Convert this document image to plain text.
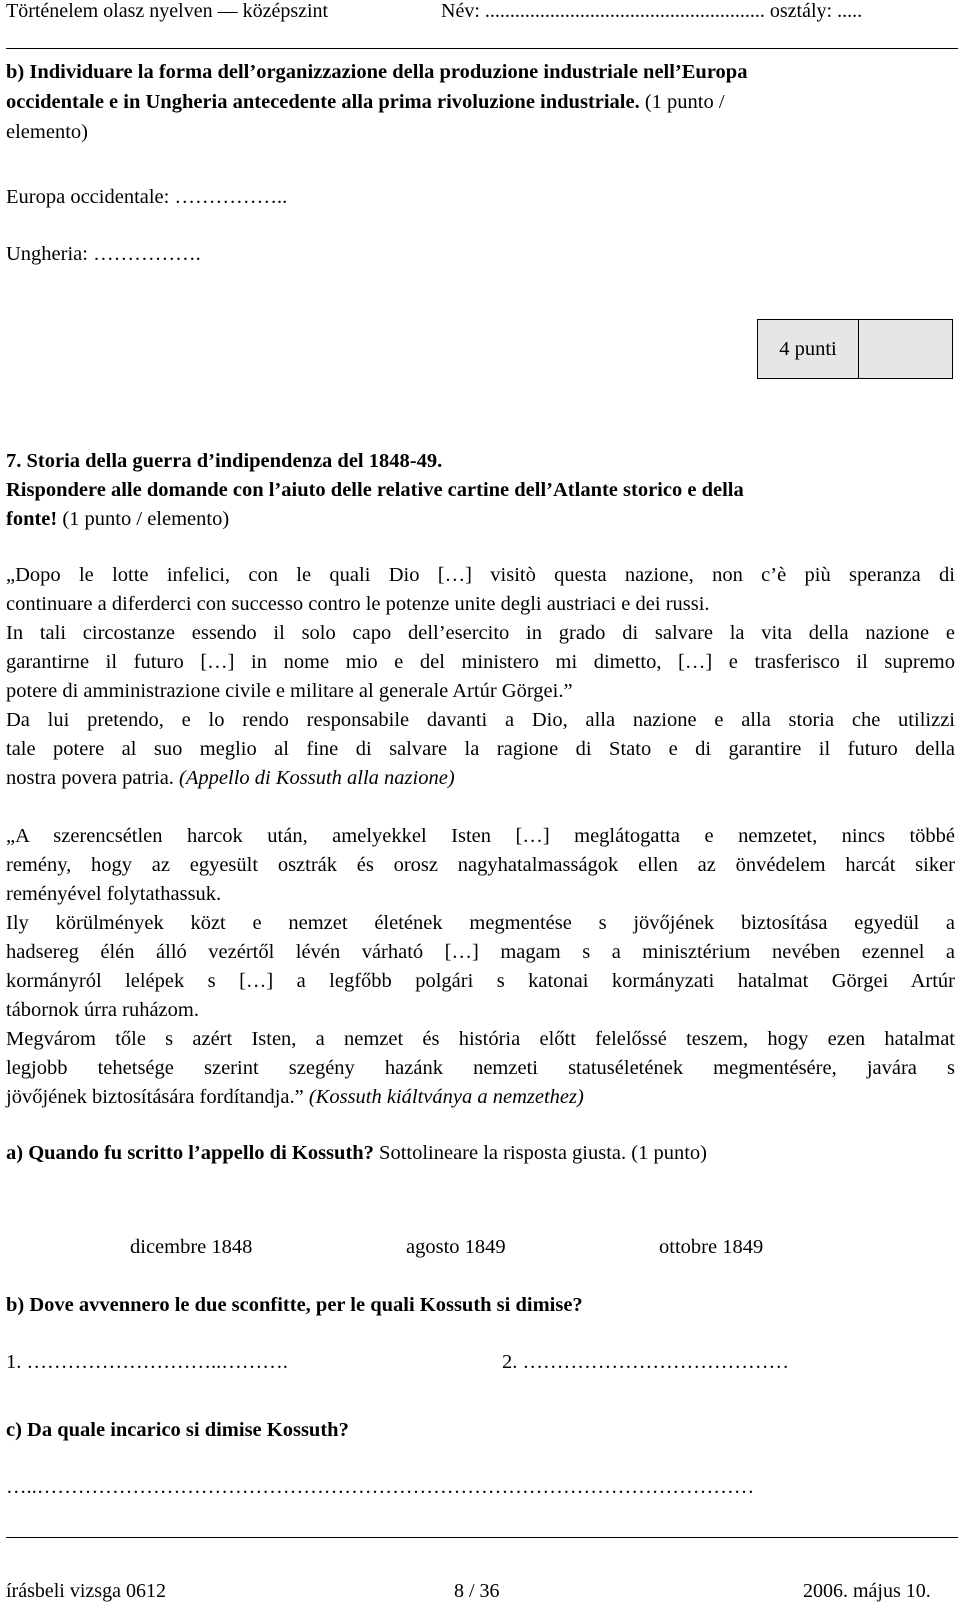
Történelem olasz nyelven — középszint	Név: ........................................................ osztály: .....
b) Individuare la forma dell’organizzazione della produzione industriale nell’Europa
occidentale e in Ungheria antecedente alla prima rivoluzione industriale. (1 punto /
elemento)
Europa occidentale: ……………..
Ungheria: …………….
4 punti
7. Storia della guerra d’indipendenza del 1848-49.
Rispondere alle domande con l’aiuto delle relative cartine dell’Atlante storico e della
fonte! (1 punto / elemento)
„Dopo le lotte infelici, con le quali Dio […] visitò questa nazione, non c’è più speranza di
continuare a diferderci con successo contro le potenze unite degli austriaci e dei russi.
In tali circostanze essendo il solo capo dell’esercito in grado di salvare la vita della nazione e
garantirne il futuro […] in nome mio e del ministero mi dimetto, […] e trasferisco il supremo
potere di amministrazione civile e militare al generale Artúr Görgei.”
Da lui pretendo, e lo rendo responsabile davanti a Dio, alla nazione e alla storia che utilizzi
tale potere al suo meglio al fine di salvare la ragione di Stato e di garantire il futuro della
nostra povera patria. (Appello di Kossuth alla nazione)
„A szerencsétlen harcok után, amelyekkel Isten […] meglátogatta e nemzetet, nincs többé
remény, hogy az egyesült osztrák és orosz nagyhatalmasságok ellen az önvédelem harcát siker
reményével folytathassuk.
Ily körülmények közt e nemzet életének megmentése s jövőjének biztosítása egyedül a
hadsereg élén álló vezértől lévén várható […] magam s a minisztérium nevében ezennel a
kormányról lelépek s […] a legfőbb polgári s katonai kormányzati hatalmat Görgei Artúr
tábornok úrra ruházom.
Megvárom tőle s azért Isten, a nemzet és história előtt felelőssé teszem, hogy ezen hatalmat
legjobb tehetsége szerint szegény hazánk nemzeti statuséletének megmentésére, javára s
jövőjének biztosítására fordítandja.” (Kossuth kiáltványa a nemzethez)
a) Quando fu scritto l’appello di Kossuth? Sottolineare la risposta giusta. (1 punto)
dicembre 1848	agosto 1849	ottobre 1849
b) Dove avvennero le due sconfitte, per le quali Kossuth si dimise?
1. ………………………..……….	2. …………………………………
c) Da quale incarico si dimise Kossuth?
…..……………………………………………………………………………………………
írásbeli vizsga 0612	8 / 36	2006. május 10.
